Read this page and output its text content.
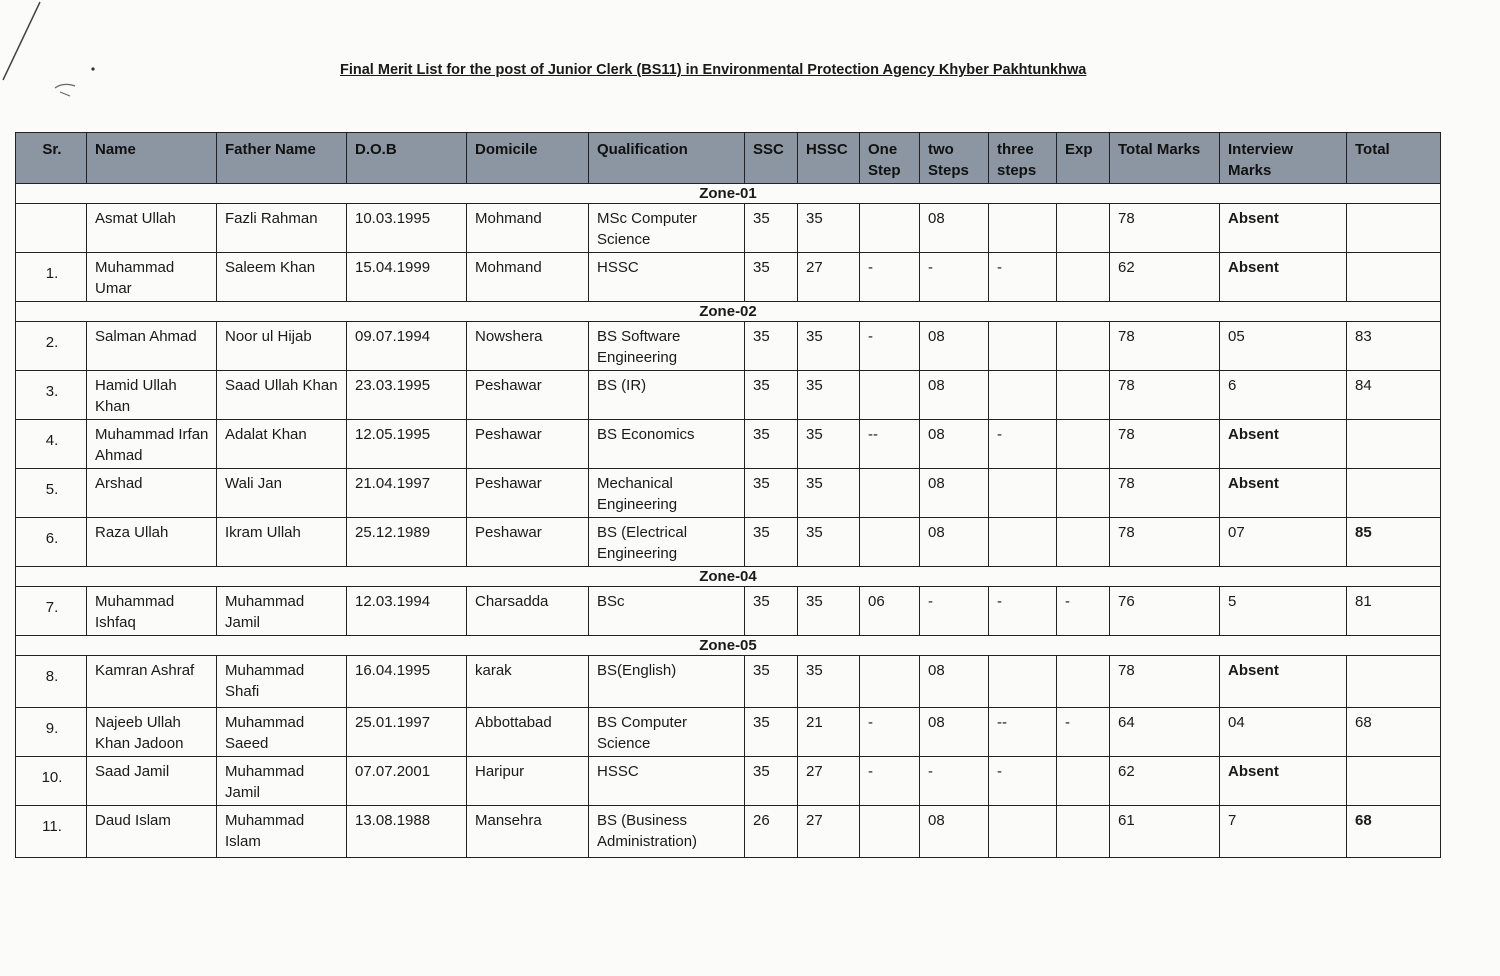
Final Merit List for the post of Junior Clerk (BS11) in Environmental Protection Agency Khyber Pakhtunkhwa
Sr.	Name	Father Name	D.O.B	Domicile	Qualification	SSC	HSSC	One Step	two Steps	three steps	Exp	Total Marks	Interview Marks	Total
Zone-01														
	Asmat Ullah	Fazli Rahman	10.03.1995	Mohmand	MSc Computer Science	35	35		08			78	Absent	
1.	Muhammad Umar	Saleem Khan	15.04.1999	Mohmand	HSSC	35	27	-	-	-		62	Absent	
Zone-02														
2.	Salman Ahmad	Noor ul Hijab	09.07.1994	Nowshera	BS Software Engineering	35	35	-	08			78	05	83
3.	Hamid Ullah Khan	Saad Ullah Khan	23.03.1995	Peshawar	BS (IR)	35	35		08			78	6	84
4.	Muhammad Irfan Ahmad	Adalat Khan	12.05.1995	Peshawar	BS Economics	35	35	--	08	-		78	Absent	
5.	Arshad	Wali Jan	21.04.1997	Peshawar	Mechanical Engineering	35	35		08			78	Absent	
6.	Raza Ullah	Ikram Ullah	25.12.1989	Peshawar	BS (Electrical Engineering	35	35		08			78	07	85
Zone-04														
7.	Muhammad Ishfaq	Muhammad Jamil	12.03.1994	Charsadda	BSc	35	35	06	-	-	-	76	5	81
Zone-05														
8.	Kamran Ashraf	Muhammad Shafi	16.04.1995	karak	BS(English)	35	35		08			78	Absent	
9.	Najeeb Ullah Khan Jadoon	Muhammad Saeed	25.01.1997	Abbottabad	BS Computer Science	35	21	-	08	--	-	64	04	68
10.	Saad Jamil	Muhammad Jamil	07.07.2001	Haripur	HSSC	35	27	-	-	-		62	Absent	
11.	Daud Islam	Muhammad Islam	13.08.1988	Mansehra	BS (Business Administration)	26	27		08			61	7	68
